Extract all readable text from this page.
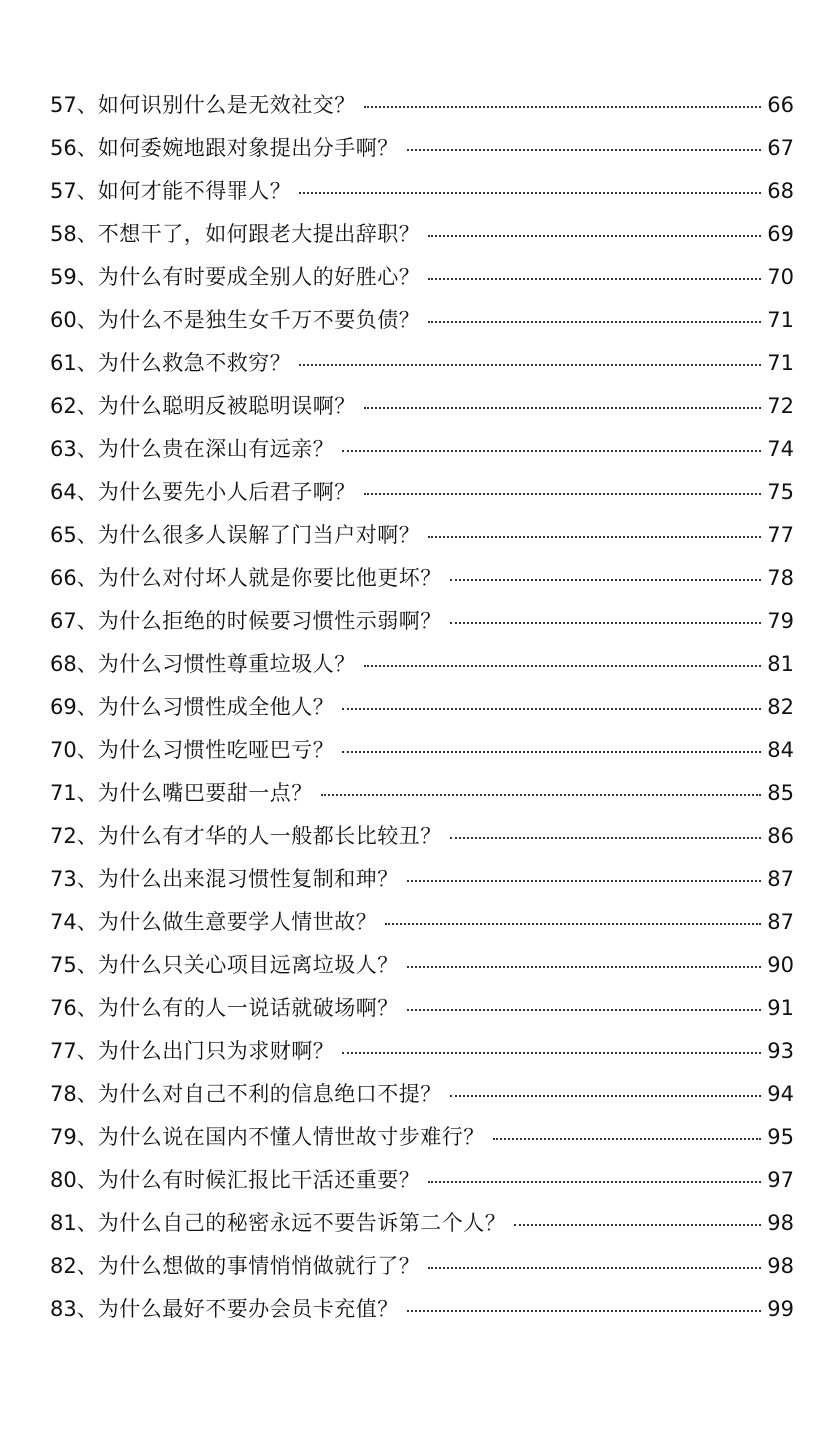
57、 如何识别什么是无效社交？	66
56、 如何委婉地跟对象提出分手啊？	67
57、 如何才能不得罪人？	68
58、 不想干了，如何跟老大提出辞职？	69
59、 为什么有时要成全别人的好胜心？	70
60、 为什么不是独生女千万不要负债？	71
61、 为什么救急不救穷？	71
62、 为什么聪明反被聪明误啊？	72
63、 为什么贵在深山有远亲？	74
64、 为什么要先小人后君子啊？	75
65、 为什么很多人误解了门当户对啊？	77
66、 为什么对付坏人就是你要比他更坏？	78
67、 为什么拒绝的时候要习惯性示弱啊？	79
68、 为什么习惯性尊重垃圾人？	81
69、 为什么习惯性成全他人？	82
70、 为什么习惯性吃哑巴亏？	84
71、 为什么嘴巴要甜一点？	85
72、 为什么有才华的人一般都长比较丑？	86
73、 为什么出来混习惯性复制和珅？	87
74、 为什么做生意要学人情世故？	87
75、 为什么只关心项目远离垃圾人？	90
76、 为什么有的人一说话就破场啊？	91
77、 为什么出门只为求财啊？	93
78、 为什么对自己不利的信息绝口不提？	94
79、 为什么说在国内不懂人情世故寸步难行？	95
80、 为什么有时候汇报比干活还重要？	97
81、 为什么自己的秘密永远不要告诉第二个人？	98
82、 为什么想做的事情悄悄做就行了？	98
83、 为什么最好不要办会员卡充值？	99
